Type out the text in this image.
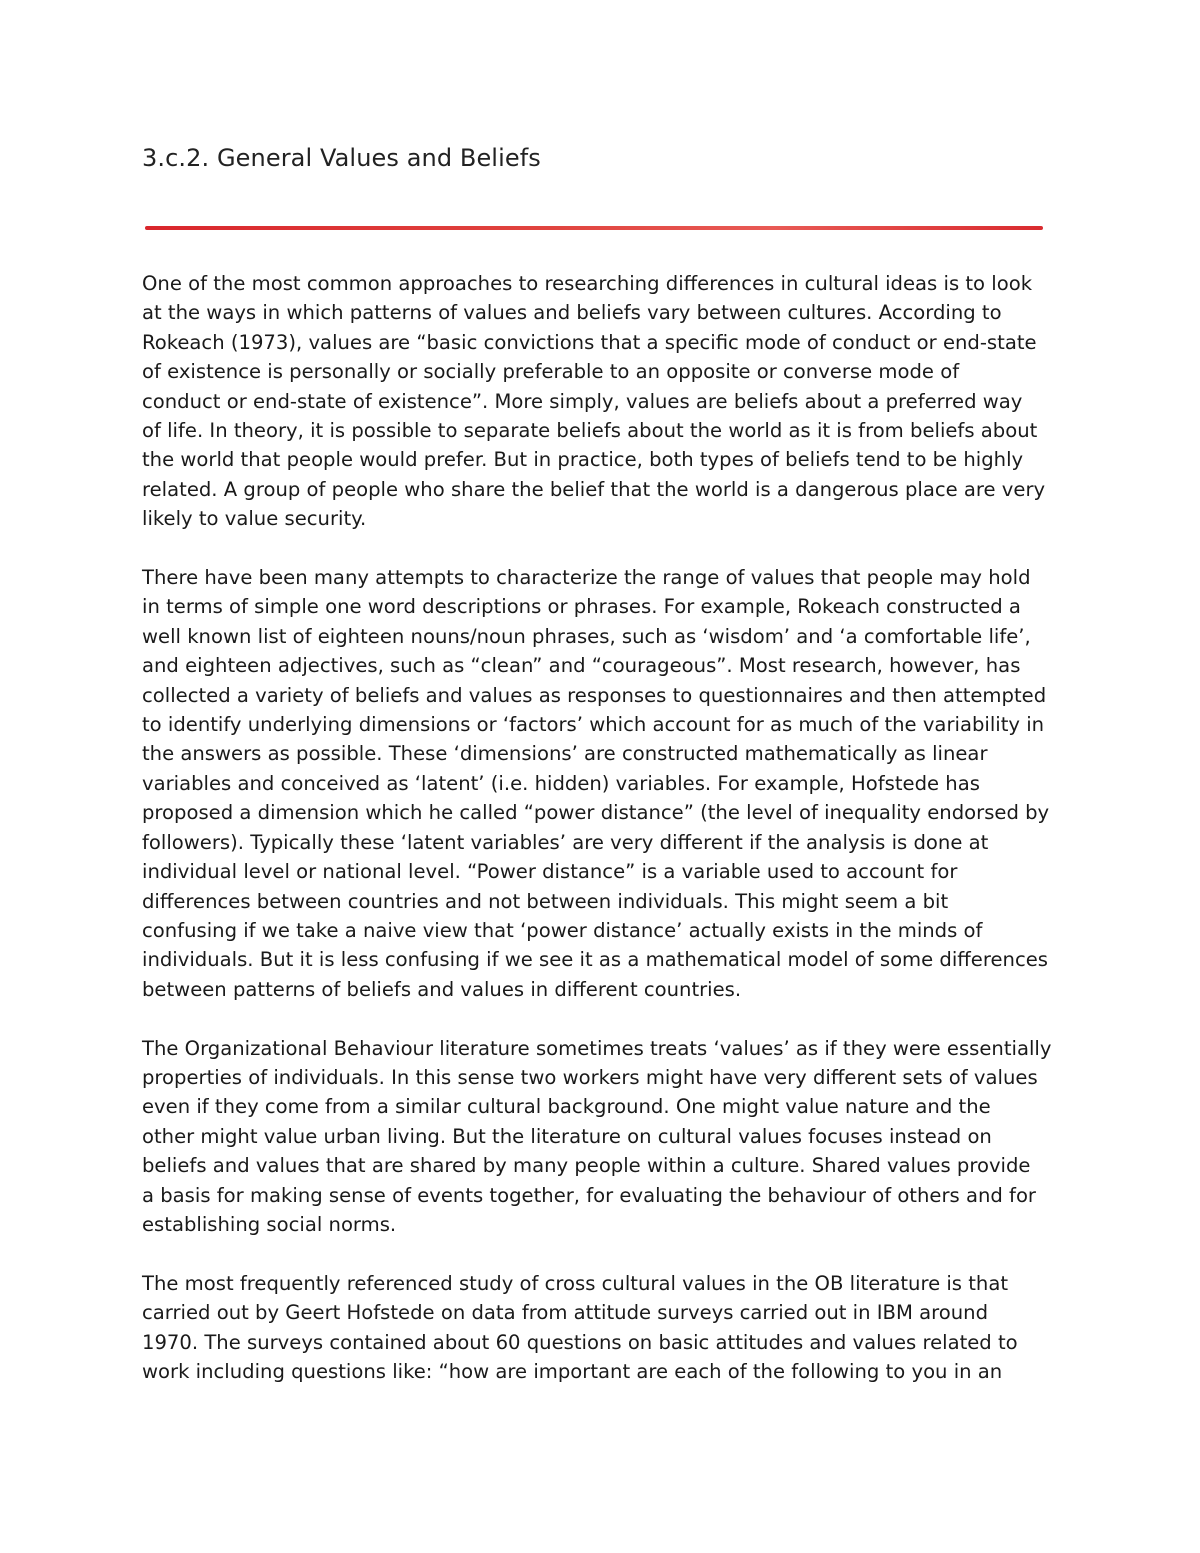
3.c.2. General Values and Beliefs

One of the most common approaches to researching differences in cultural ideas is to look
at the ways in which patterns of values and beliefs vary between cultures. According to
Rokeach (1973), values are “basic convictions that a specific mode of conduct or end-state
of existence is personally or socially preferable to an opposite or converse mode of
conduct or end-state of existence”. More simply, values are beliefs about a preferred way
of life. In theory, it is possible to separate beliefs about the world as it is from beliefs about
the world that people would prefer. But in practice, both types of beliefs tend to be highly
related. A group of people who share the belief that the world is a dangerous place are very
likely to value security.

There have been many attempts to characterize the range of values that people may hold
in terms of simple one word descriptions or phrases. For example, Rokeach constructed a
well known list of eighteen nouns/noun phrases, such as ‘wisdom’ and ‘a comfortable life’,
and eighteen adjectives, such as “clean” and “courageous”. Most research, however, has
collected a variety of beliefs and values as responses to questionnaires and then attempted
to identify underlying dimensions or ‘factors’ which account for as much of the variability in
the answers as possible. These ‘dimensions’ are constructed mathematically as linear
variables and conceived as ‘latent’ (i.e. hidden) variables. For example, Hofstede has
proposed a dimension which he called “power distance” (the level of inequality endorsed by
followers). Typically these ‘latent variables’ are very different if the analysis is done at
individual level or national level. “Power distance” is a variable used to account for
differences between countries and not between individuals. This might seem a bit
confusing if we take a naive view that ‘power distance’ actually exists in the minds of
individuals. But it is less confusing if we see it as a mathematical model of some differences
between patterns of beliefs and values in different countries.

The Organizational Behaviour literature sometimes treats ‘values’ as if they were essentially
properties of individuals. In this sense two workers might have very different sets of values
even if they come from a similar cultural background. One might value nature and the
other might value urban living. But the literature on cultural values focuses instead on
beliefs and values that are shared by many people within a culture. Shared values provide
a basis for making sense of events together, for evaluating the behaviour of others and for
establishing social norms.

The most frequently referenced study of cross cultural values in the OB literature is that
carried out by Geert Hofstede on data from attitude surveys carried out in IBM around
1970. The surveys contained about 60 questions on basic attitudes and values related to
work including questions like: “how are important are each of the following to you in an
